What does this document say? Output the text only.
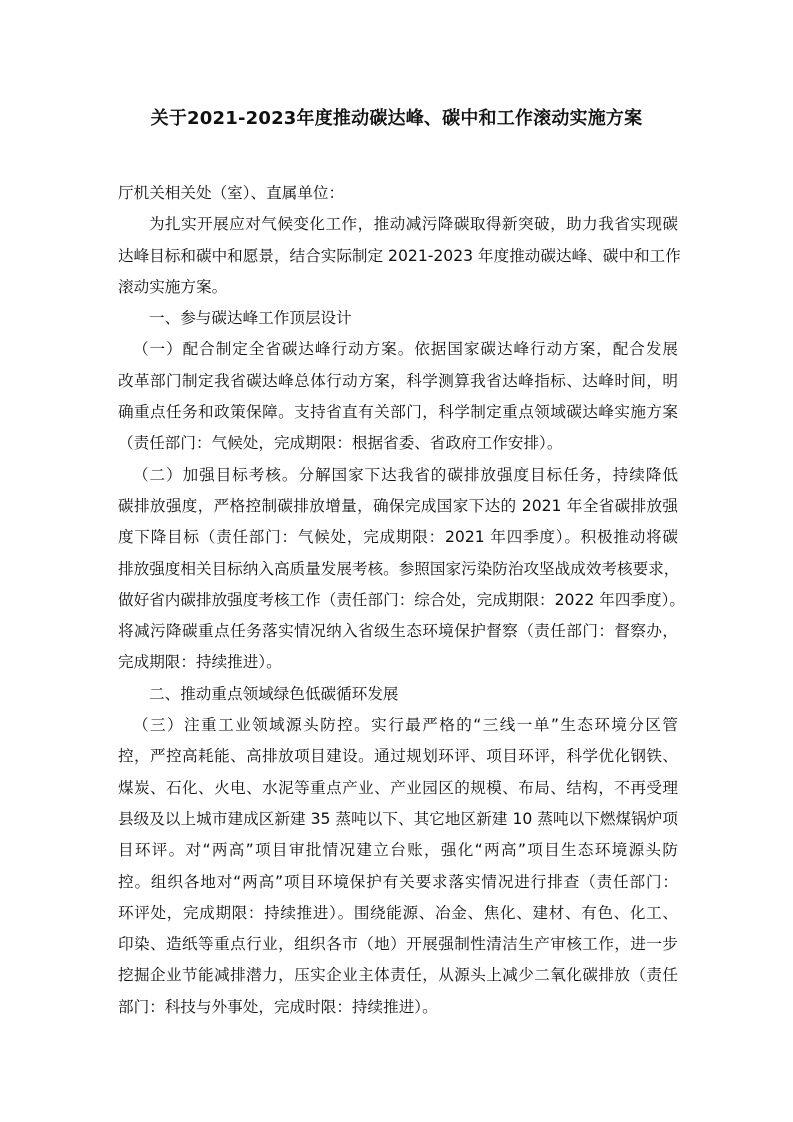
关于2021-2023年度推动碳达峰、碳中和工作滚动实施方案
厅机关相关处（室）、直属单位：
为扎实开展应对气候变化工作，推动减污降碳取得新突破，助力我省实现碳
达峰目标和碳中和愿景，结合实际制定 2021-2023 年度推动碳达峰、碳中和工作
滚动实施方案。
一、参与碳达峰工作顶层设计
（一）配合制定全省碳达峰行动方案。依据国家碳达峰行动方案，配合发展
改革部门制定我省碳达峰总体行动方案，科学测算我省达峰指标、达峰时间，明
确重点任务和政策保障。支持省直有关部门，科学制定重点领域碳达峰实施方案
（责任部门：气候处，完成期限：根据省委、省政府工作安排）。
（二）加强目标考核。分解国家下达我省的碳排放强度目标任务，持续降低
碳排放强度，严格控制碳排放增量，确保完成国家下达的 2021 年全省碳排放强
度下降目标（责任部门：气候处，完成期限：2021 年四季度）。积极推动将碳
排放强度相关目标纳入高质量发展考核。参照国家污染防治攻坚战成效考核要求，
做好省内碳排放强度考核工作（责任部门：综合处，完成期限：2022 年四季度）。
将减污降碳重点任务落实情况纳入省级生态环境保护督察（责任部门：督察办，
完成期限：持续推进）。
二、推动重点领域绿色低碳循环发展
（三）注重工业领域源头防控。实行最严格的“三线一单”生态环境分区管
控，严控高耗能、高排放项目建设。通过规划环评、项目环评，科学优化钢铁、
煤炭、石化、火电、水泥等重点产业、产业园区的规模、布局、结构，不再受理
县级及以上城市建成区新建 35 蒸吨以下、其它地区新建 10 蒸吨以下燃煤锅炉项
目环评。对“两高”项目审批情况建立台账，强化“两高”项目生态环境源头防
控。组织各地对“两高”项目环境保护有关要求落实情况进行排查（责任部门：
环评处，完成期限：持续推进）。围绕能源、冶金、焦化、建材、有色、化工、
印染、造纸等重点行业，组织各市（地）开展强制性清洁生产审核工作，进一步
挖掘企业节能减排潜力，压实企业主体责任，从源头上减少二氧化碳排放（责任
部门：科技与外事处，完成时限：持续推进）。
